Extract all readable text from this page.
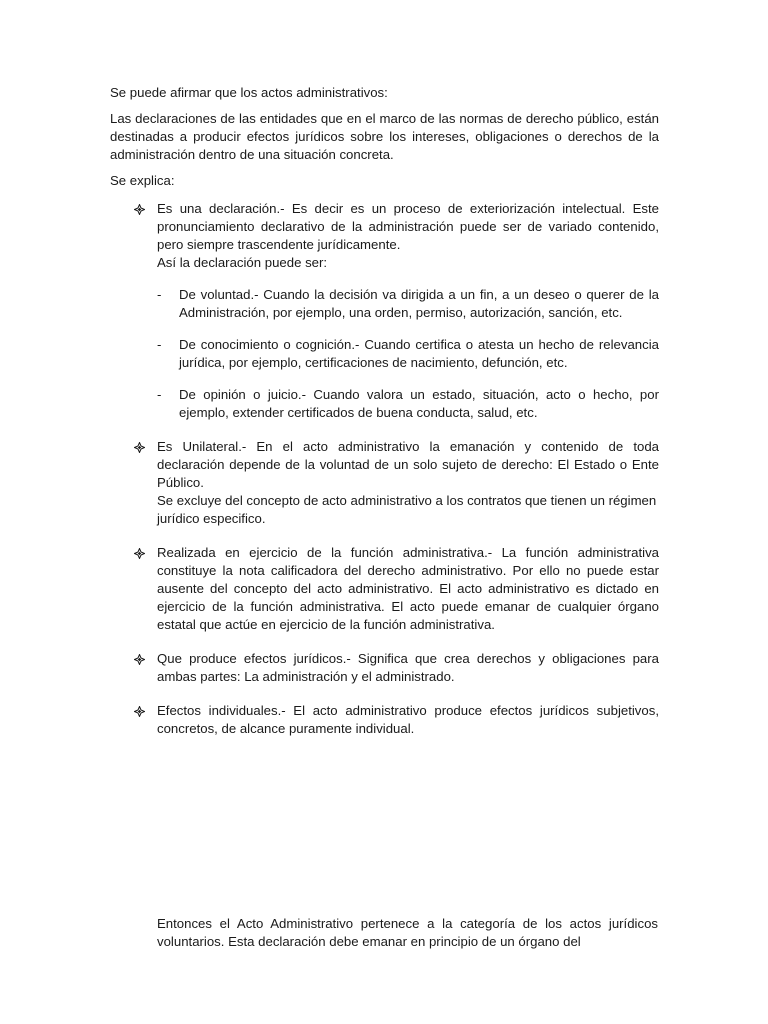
Se puede afirmar que los actos administrativos:

Las declaraciones de las entidades que en el marco de las normas de derecho público, están destinadas a producir efectos jurídicos sobre los intereses, obligaciones o derechos de la administración dentro de una situación concreta.

Se explica:

Es una declaración.- Es decir es un proceso de exteriorización intelectual. Este pronunciamiento declarativo de la administración puede ser de variado contenido, pero siempre trascendente jurídicamente.
Así la declaración puede ser:
- De voluntad.- Cuando la decisión va dirigida a un fin, a un deseo o querer de la Administración, por ejemplo, una orden, permiso, autorización, sanción, etc.
- De conocimiento o cognición.- Cuando certifica o atesta un hecho de relevancia jurídica, por ejemplo, certificaciones de nacimiento, defunción, etc.
- De opinión o juicio.- Cuando valora un estado, situación, acto o hecho, por ejemplo, extender certificados de buena conducta, salud, etc.
Es Unilateral.- En el acto administrativo la emanación y contenido de toda declaración depende de la voluntad de un solo sujeto de derecho: El Estado o Ente Público.
Se excluye del concepto de acto administrativo a los contratos que tienen un régimen jurídico especifico.
Realizada en ejercicio de la función administrativa.- La función administrativa constituye la nota calificadora del derecho administrativo. Por ello no puede estar ausente del concepto del acto administrativo. El acto administrativo es dictado en ejercicio de la función administrativa. El acto puede emanar de cualquier órgano estatal que actúe en ejercicio de la función administrativa.
Que produce efectos jurídicos.- Significa que crea derechos y obligaciones para ambas partes: La administración y el administrado.
Efectos individuales.- El acto administrativo produce efectos jurídicos subjetivos, concretos, de alcance puramente individual.

Entonces el Acto Administrativo pertenece a la categoría de los actos jurídicos voluntarios. Esta declaración debe emanar en principio de un órgano del
